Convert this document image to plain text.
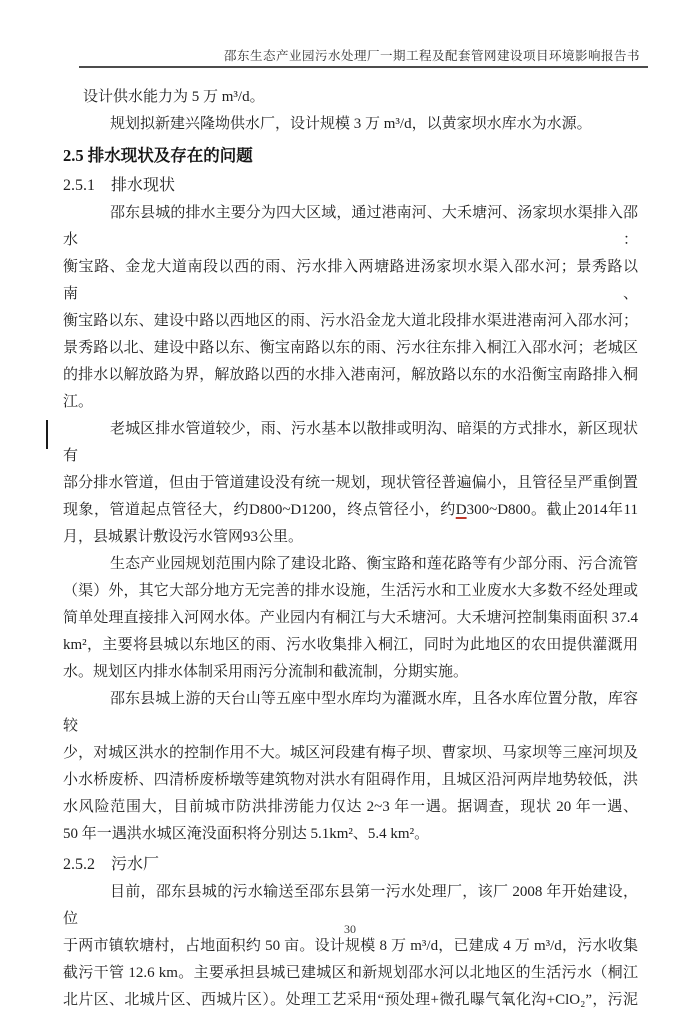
邵东生态产业园污水处理厂一期工程及配套管网建设项目环境影响报告书

设计供水能力为 5 万 m³/d。

规划拟新建兴隆坳供水厂，设计规模 3 万 m³/d，以黄家坝水库水为水源。

2.5 排水现状及存在的问题
2.5.1　排水现状

邵东县城的排水主要分为四大区域，通过港南河、大禾塘河、汤家坝水渠排入邵水：

衡宝路、金龙大道南段以西的雨、污水排入两塘路进汤家坝水渠入邵水河；景秀路以南、

衡宝路以东、建设中路以西地区的雨、污水沿金龙大道北段排水渠进港南河入邵水河；

景秀路以北、建设中路以东、衡宝南路以东的雨、污水往东排入桐江入邵水河；老城区

的排水以解放路为界，解放路以西的水排入港南河，解放路以东的水沿衡宝南路排入桐

江。

老城区排水管道较少，雨、污水基本以散排或明沟、暗渠的方式排水，新区现状有

部分排水管道，但由于管道建设没有统一规划，现状管径普遍偏小，且管径呈严重倒置

现象，管道起点管径大，约D800~D1200，终点管径小，约D300~D800。截止2014年11

月，县城累计敷设污水管网93公里。

生态产业园规划范围内除了建设北路、衡宝路和莲花路等有少部分雨、污合流管

（渠）外，其它大部分地方无完善的排水设施，生活污水和工业废水大多数不经处理或

简单处理直接排入河网水体。产业园内有桐江与大禾塘河。大禾塘河控制集雨面积 37.4

km²，主要将县城以东地区的雨、污水收集排入桐江，同时为此地区的农田提供灌溉用

水。规划区内排水体制采用雨污分流制和截流制，分期实施。

邵东县城上游的天台山等五座中型水库均为灌溉水库，且各水库位置分散，库容较

少，对城区洪水的控制作用不大。城区河段建有梅子坝、曹家坝、马家坝等三座河坝及

小水桥废桥、四清桥废桥墩等建筑物对洪水有阻碍作用，且城区沿河两岸地势较低，洪

水风险范围大，目前城市防洪排涝能力仅达 2~3 年一遇。据调查，现状 20 年一遇、

50 年一遇洪水城区淹没面积将分别达 5.1km²、5.4 km²。

2.5.2　污水厂

目前，邵东县城的污水输送至邵东县第一污水处理厂，该厂 2008 年开始建设，位

于两市镇软塘村，占地面积约 50 亩。设计规模 8 万 m³/d，已建成 4 万 m³/d，污水收集

截污干管 12.6 km。主要承担县城已建城区和新规划邵水河以北地区的生活污水（桐江

北片区、北城片区、西城片区）。处理工艺采用“预处理+微孔曝气氧化沟+ClO₂”，污泥

30
